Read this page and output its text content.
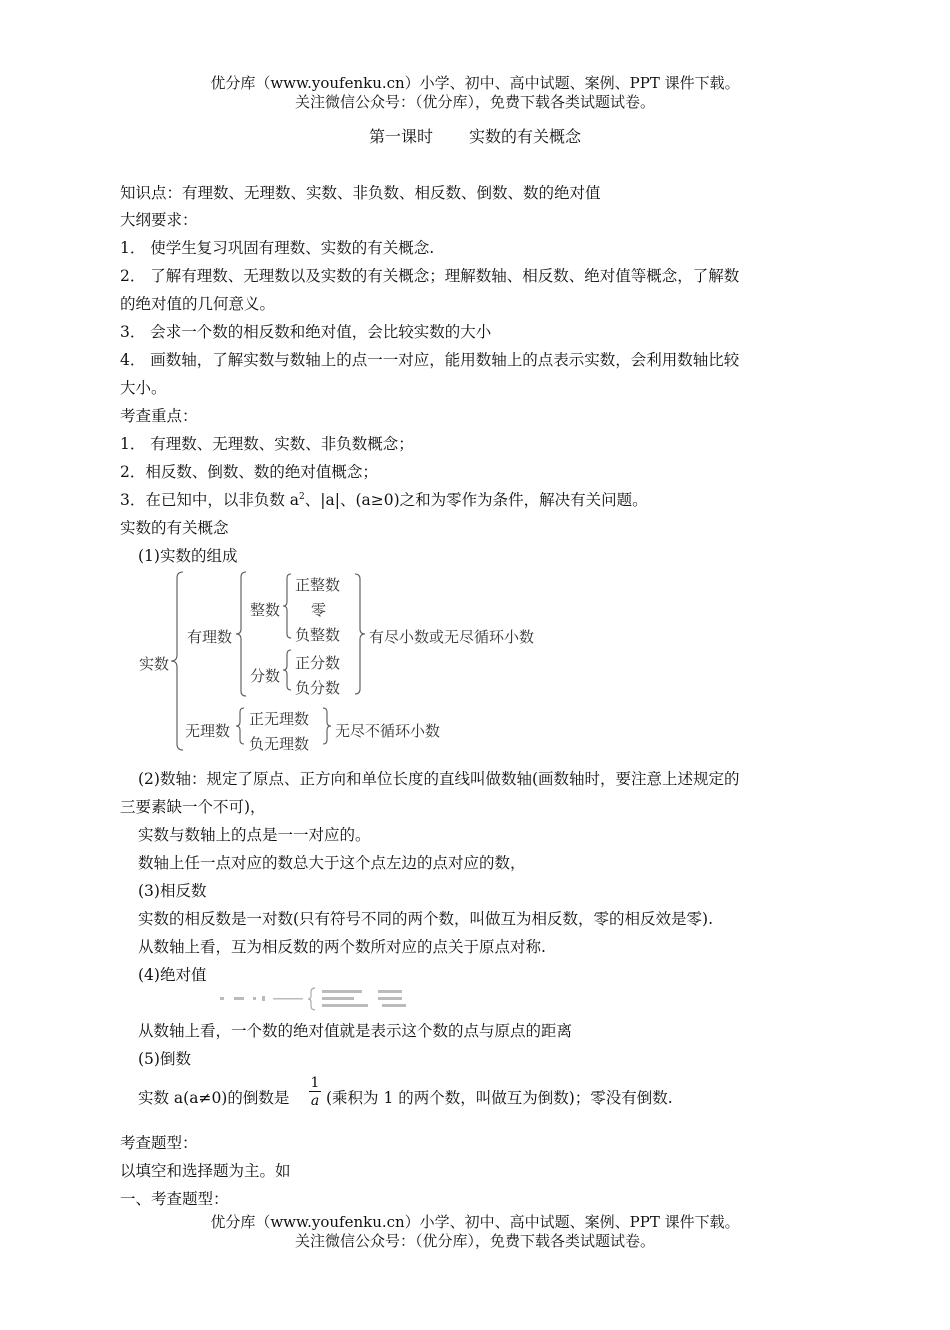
优分库（www.youfenku.cn）小学、初中、高中试题、案例、PPT 课件下载。
关注微信公众号：（优分库），免费下载各类试题试卷。
第一课时 实数的有关概念
知识点：有理数、无理数、实数、非负数、相反数、倒数、数的绝对值
大纲要求：
1． 使学生复习巩固有理数、实数的有关概念.
2． 了解有理数、无理数以及实数的有关概念；理解数轴、相反数、绝对值等概念，了解数
的绝对值的几何意义。
3． 会求一个数的相反数和绝对值，会比较实数的大小
4． 画数轴，了解实数与数轴上的点一一对应，能用数轴上的点表示实数，会利用数轴比较
大小。
考查重点：
1． 有理数、无理数、实数、非负数概念；
2．相反数、倒数、数的绝对值概念；
3．在已知中，以非负数 $a^2$、|a|、(a≥0)之和为零作为条件，解决有关问题。
实数的有关概念
(1)实数的组成
实数
有理数
整数
正整数
零
负整数
分数
正分数
负分数
有尽小数或无尽循环小数
无理数
正无理数
负无理数
无尽不循环小数
(2)数轴：规定了原点、正方向和单位长度的直线叫做数轴(画数轴时，要注意上述规定的
三要素缺一个不可)，
实数与数轴上的点是一一对应的。
数轴上任一点对应的数总大于这个点左边的点对应的数，
(3)相反数
实数的相反数是一对数(只有符号不同的两个数，叫做互为相反数，零的相反效是零).
从数轴上看，互为相反数的两个数所对应的点关于原点对称.
(4)绝对值
从数轴上看，一个数的绝对值就是表示这个数的点与原点的距离
(5)倒数
实数 a(a≠0)的倒数是
1
a (乘积为 1 的两个数，叫做互为倒数)；零没有倒数.
考查题型：
以填空和选择题为主。如
一、考查题型：
优分库（www.youfenku.cn）小学、初中、高中试题、案例、PPT 课件下载。
关注微信公众号：（优分库），免费下载各类试题试卷。
